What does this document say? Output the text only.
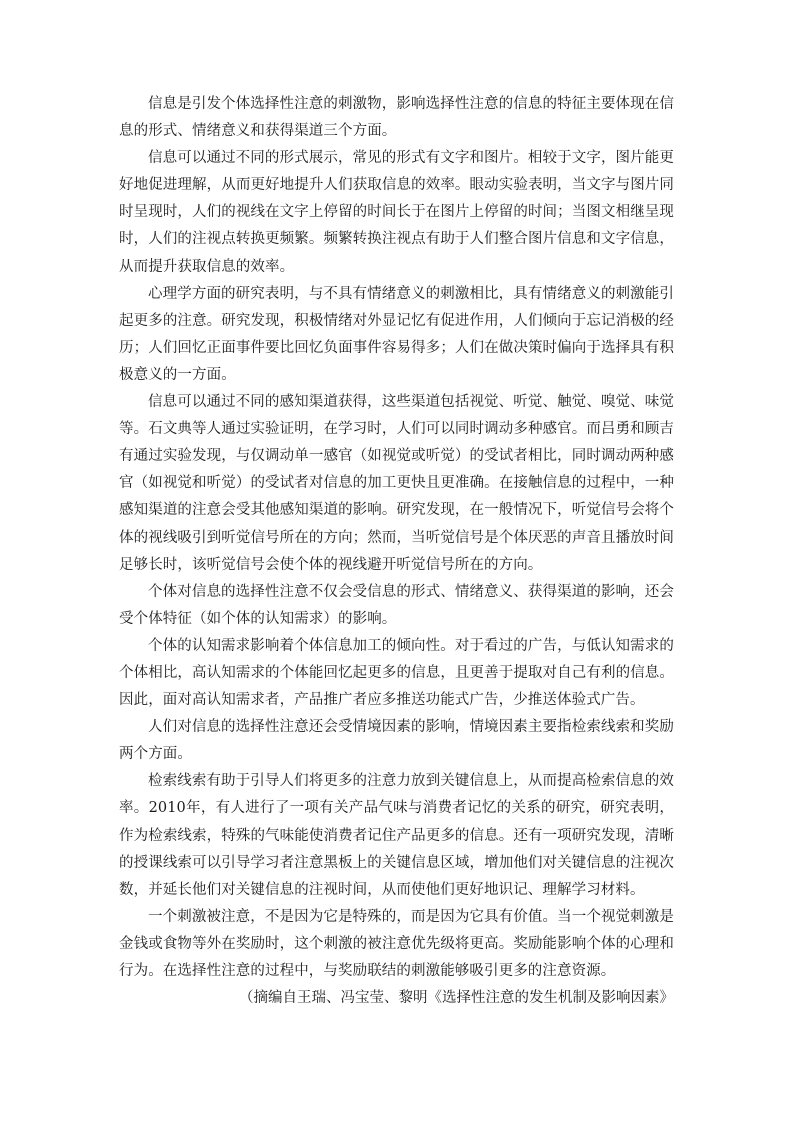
信息是引发个体选择性注意的刺激物，影响选择性注意的信息的特征主要体现在信息的形式、情绪意义和获得渠道三个方面。

信息可以通过不同的形式展示，常见的形式有文字和图片。相较于文字，图片能更好地促进理解，从而更好地提升人们获取信息的效率。眼动实验表明，当文字与图片同时呈现时，人们的视线在文字上停留的时间长于在图片上停留的时间；当图文相继呈现时，人们的注视点转换更频繁。频繁转换注视点有助于人们整合图片信息和文字信息，从而提升获取信息的效率。

心理学方面的研究表明，与不具有情绪意义的刺激相比，具有情绪意义的刺激能引起更多的注意。研究发现，积极情绪对外显记忆有促进作用，人们倾向于忘记消极的经历；人们回忆正面事件要比回忆负面事件容易得多；人们在做决策时偏向于选择具有积极意义的一方面。

信息可以通过不同的感知渠道获得，这些渠道包括视觉、听觉、触觉、嗅觉、味觉等。石文典等人通过实验证明，在学习时，人们可以同时调动多种感官。而吕勇和顾吉有通过实验发现，与仅调动单一感官（如视觉或听觉）的受试者相比，同时调动两种感官（如视觉和听觉）的受试者对信息的加工更快且更准确。在接触信息的过程中，一种感知渠道的注意会受其他感知渠道的影响。研究发现，在一般情况下，听觉信号会将个体的视线吸引到听觉信号所在的方向；然而，当听觉信号是个体厌恶的声音且播放时间足够长时，该听觉信号会使个体的视线避开听觉信号所在的方向。

个体对信息的选择性注意不仅会受信息的形式、情绪意义、获得渠道的影响，还会受个体特征（如个体的认知需求）的影响。

个体的认知需求影响着个体信息加工的倾向性。对于看过的广告，与低认知需求的个体相比，高认知需求的个体能回忆起更多的信息，且更善于提取对自己有利的信息。因此，面对高认知需求者，产品推广者应多推送功能式广告，少推送体验式广告。

人们对信息的选择性注意还会受情境因素的影响，情境因素主要指检索线索和奖励两个方面。

检索线索有助于引导人们将更多的注意力放到关键信息上，从而提高检索信息的效率。2010年，有人进行了一项有关产品气味与消费者记忆的关系的研究，研究表明，作为检索线索，特殊的气味能使消费者记住产品更多的信息。还有一项研究发现，清晰的授课线索可以引导学习者注意黑板上的关键信息区域，增加他们对关键信息的注视次数，并延长他们对关键信息的注视时间，从而使他们更好地识记、理解学习材料。

一个刺激被注意，不是因为它是特殊的，而是因为它具有价值。当一个视觉刺激是金钱或食物等外在奖励时，这个刺激的被注意优先级将更高。奖励能影响个体的心理和行为。在选择性注意的过程中，与奖励联结的刺激能够吸引更多的注意资源。

（摘编自王瑞、冯宝莹、黎明《选择性注意的发生机制及影响因素》
